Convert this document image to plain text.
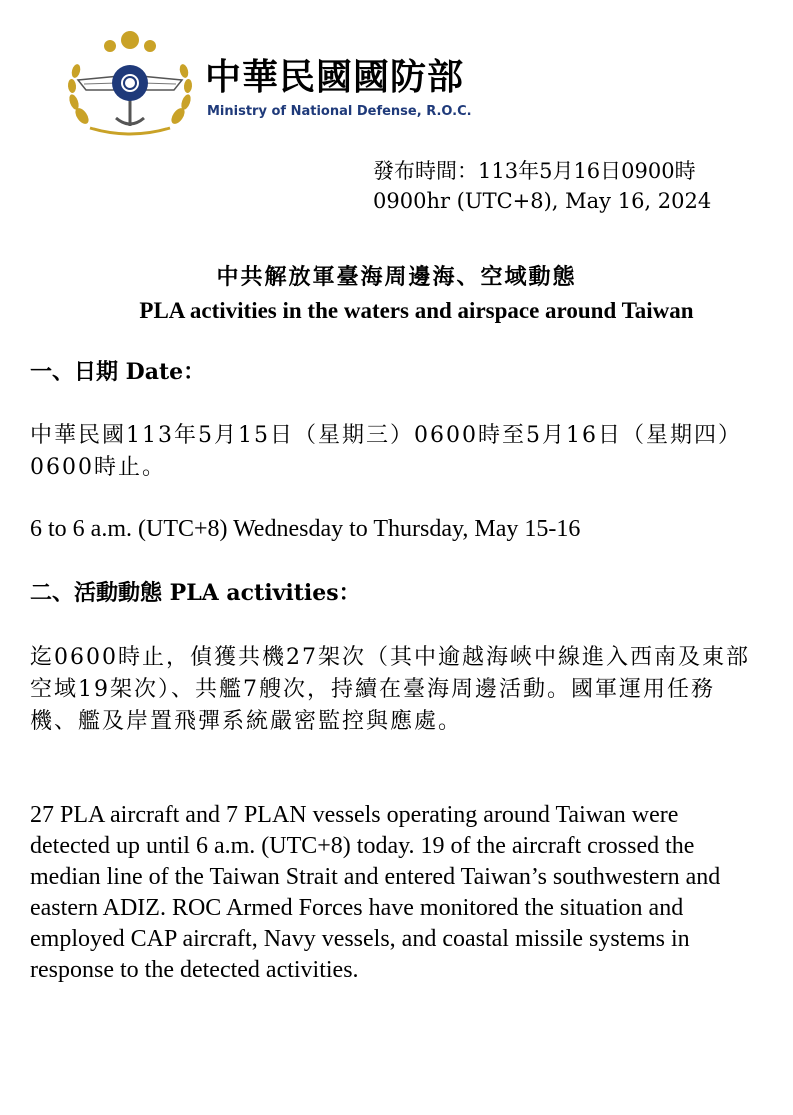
中華民國國防部
Ministry of National Defense, R.O.C.
發布時間：113年5月16日0900時
0900hr (UTC+8), May 16, 2024
中共解放軍臺海周邊海、空域動態
PLA activities in the waters and airspace around Taiwan
一、日期 Date：
中華民國113年5月15日（星期三）0600時至5月16日（星期四）0600時止。
6 to 6 a.m. (UTC+8) Wednesday to Thursday, May 15-16
二、活動動態 PLA activities：
迄0600時止，偵獲共機27架次（其中逾越海峽中線進入西南及東部空域19架次）、共艦7艘次，持續在臺海周邊活動。國軍運用任務機、艦及岸置飛彈系統嚴密監控與應處。
27 PLA aircraft and 7 PLAN vessels operating around Taiwan were detected up until 6 a.m. (UTC+8) today. 19 of the aircraft crossed the median line of the Taiwan Strait and entered Taiwan’s southwestern and eastern ADIZ. ROC Armed Forces have monitored the situation and employed CAP aircraft, Navy vessels, and coastal missile systems in response to the detected activities.
